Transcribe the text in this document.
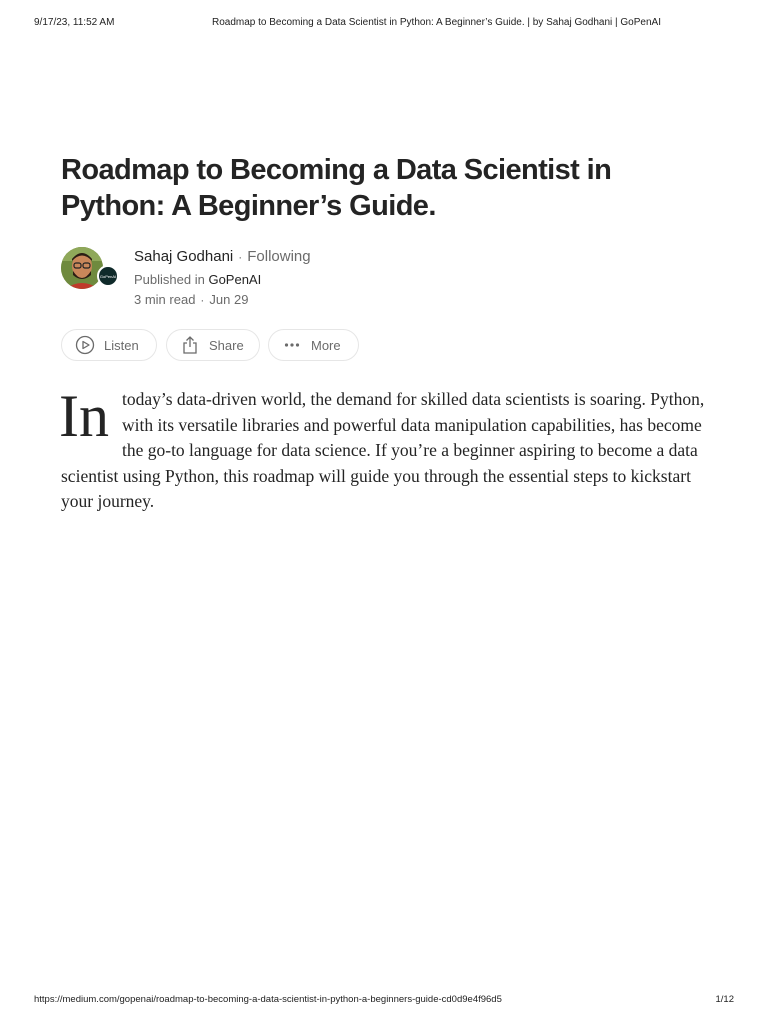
9/17/23, 11:52 AM	Roadmap to Becoming a Data Scientist in Python: A Beginner’s Guide. | by Sahaj Godhani | GoPenAI
Roadmap to Becoming a Data Scientist in Python: A Beginner’s Guide.
GoPenAI
Sahaj Godhani · Following
Published in GoPenAI
3 min read · Jun 29
Listen	Share	More

In today’s data-driven world, the demand for skilled data scientists is soaring. Python, with its versatile libraries and powerful data manipulation capabilities, has become the go-to language for data science. If you’re a beginner aspiring to become a data scientist using Python, this roadmap will guide you through the essential steps to kickstart your journey.

https://medium.com/gopenai/roadmap-to-becoming-a-data-scientist-in-python-a-beginners-guide-cd0d9e4f96d5	1/12
